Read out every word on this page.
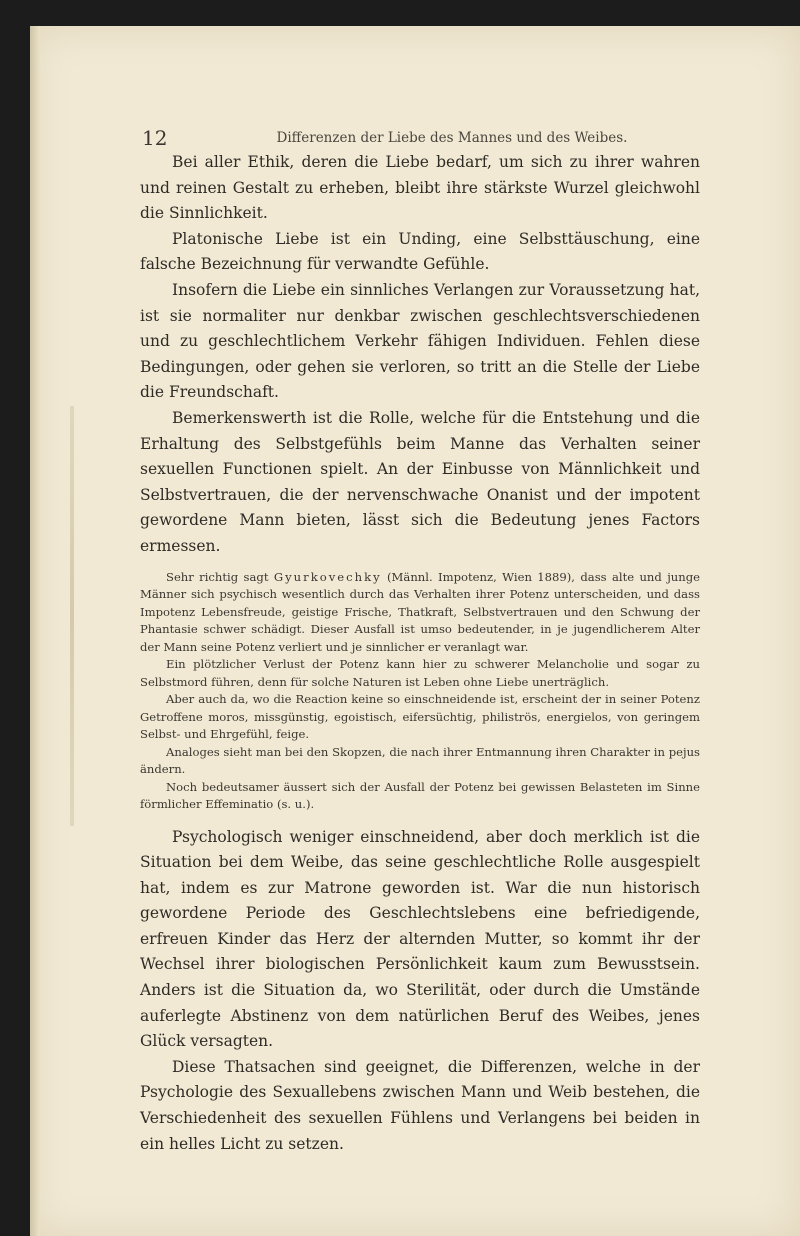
12	Differenzen der Liebe des Mannes und des Weibes.

Bei aller Ethik, deren die Liebe bedarf, um sich zu ihrer wahren und reinen Gestalt zu erheben, bleibt ihre stärkste Wurzel gleichwohl die Sinnlichkeit.

Platonische Liebe ist ein Unding, eine Selbsttäuschung, eine falsche Bezeichnung für verwandte Gefühle.

Insofern die Liebe ein sinnliches Verlangen zur Voraussetzung hat, ist sie normaliter nur denkbar zwischen geschlechtsverschiedenen und zu geschlechtlichem Verkehr fähigen Individuen. Fehlen diese Bedingungen, oder gehen sie verloren, so tritt an die Stelle der Liebe die Freundschaft.

Bemerkenswerth ist die Rolle, welche für die Entstehung und die Erhaltung des Selbstgefühls beim Manne das Verhalten seiner sexuellen Functionen spielt. An der Einbusse von Männlichkeit und Selbstvertrauen, die der nervenschwache Onanist und der impotent gewordene Mann bieten, lässt sich die Bedeutung jenes Factors ermessen.

Sehr richtig sagt Gyurkovechky (Männl. Impotenz, Wien 1889), dass alte und junge Männer sich psychisch wesentlich durch das Verhalten ihrer Potenz unterscheiden, und dass Impotenz Lebensfreude, geistige Frische, Thatkraft, Selbstvertrauen und den Schwung der Phantasie schwer schädigt. Dieser Ausfall ist umso bedeutender, in je jugendlicherem Alter der Mann seine Potenz verliert und je sinnlicher er veranlagt war.

Ein plötzlicher Verlust der Potenz kann hier zu schwerer Melancholie und sogar zu Selbstmord führen, denn für solche Naturen ist Leben ohne Liebe unerträglich.

Aber auch da, wo die Reaction keine so einschneidende ist, erscheint der in seiner Potenz Getroffene moros, missgünstig, egoistisch, eifersüchtig, philiströs, energielos, von geringem Selbst- und Ehrgefühl, feige.

Analoges sieht man bei den Skopzen, die nach ihrer Entmannung ihren Charakter in pejus ändern.

Noch bedeutsamer äussert sich der Ausfall der Potenz bei gewissen Belasteten im Sinne förmlicher Effeminatio (s. u.).

Psychologisch weniger einschneidend, aber doch merklich ist die Situation bei dem Weibe, das seine geschlechtliche Rolle ausgespielt hat, indem es zur Matrone geworden ist. War die nun historisch gewordene Periode des Geschlechtslebens eine befriedigende, erfreuen Kinder das Herz der alternden Mutter, so kommt ihr der Wechsel ihrer biologischen Persönlichkeit kaum zum Bewusstsein. Anders ist die Situation da, wo Sterilität, oder durch die Umstände auferlegte Abstinenz von dem natürlichen Beruf des Weibes, jenes Glück versagten.

Diese Thatsachen sind geeignet, die Differenzen, welche in der Psychologie des Sexuallebens zwischen Mann und Weib bestehen, die Verschiedenheit des sexuellen Fühlens und Verlangens bei beiden in ein helles Licht zu setzen.
